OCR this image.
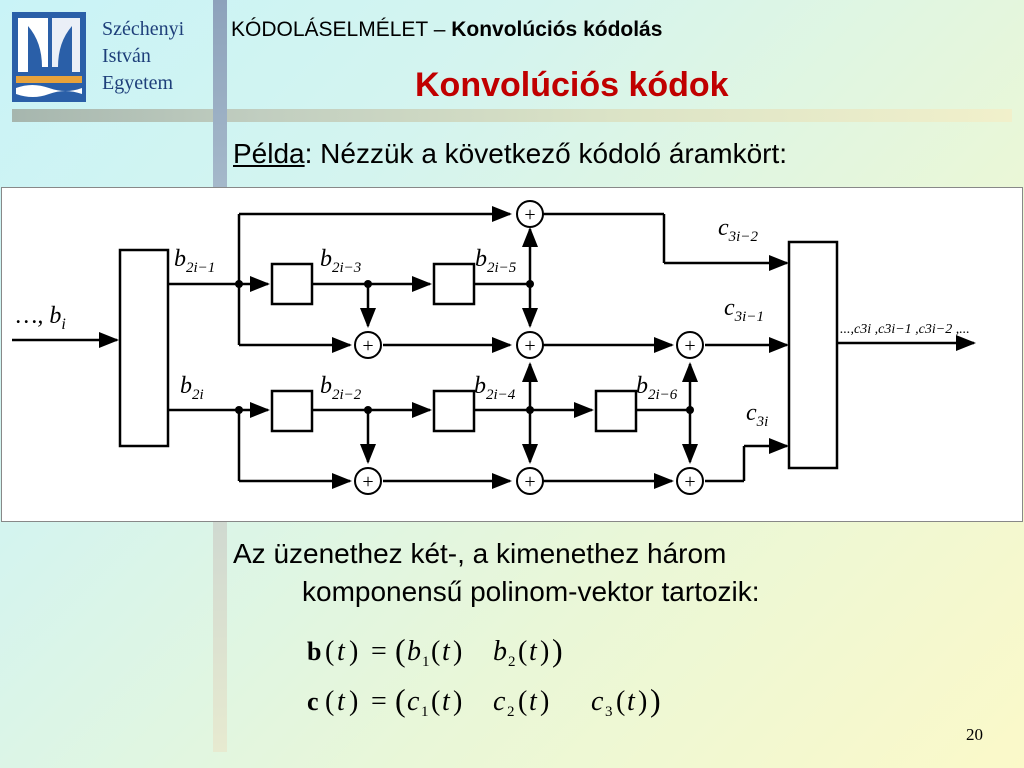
Széchenyi
István
Egyetem
KÓDOLÁSELMÉLET – Konvolúciós kódolás
Konvolúciós kódok
Példa: Nézzük a következő kódoló áramkört:
+
+	+	+
+	+	+
…, $b_i$
$b_{2i-1}$	$b_{2i-3}$	$b_{2i-5}$
$b_{2i}$	$b_{2i-2}$	$b_{2i-4}$	$b_{2i-6}$
$c_{3i-2}$
$c_{3i-1}$
$c_{3i}$
...,c3i ,c3i−1 ,c3i−2 ,...
Az üzenethez két-, a kimenethez három
komponensű polinom-vektor tartozik:
b ( t ) = ( b 1 ( t ) b 2 ( t ) )
c ( t ) = ( c 1 ( t ) c 2 ( t ) c 3 ( t ) )
20
